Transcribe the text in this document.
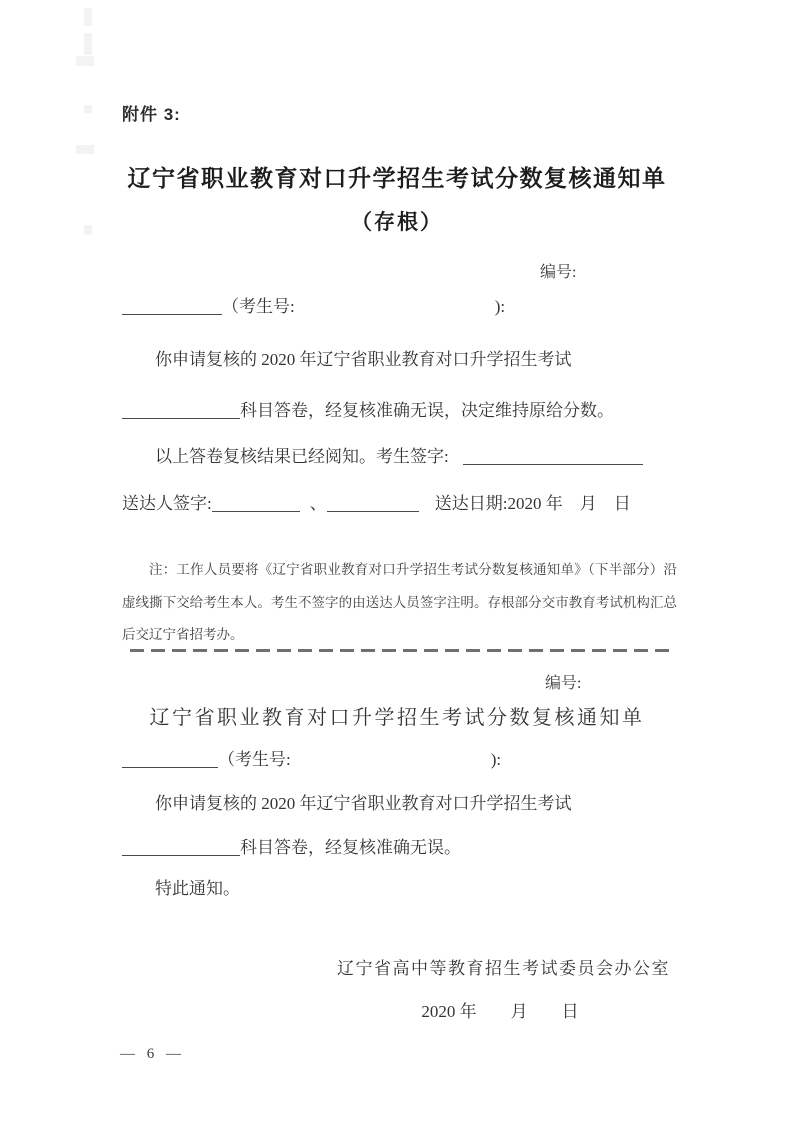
附件 3:
辽宁省职业教育对口升学招生考试分数复核通知单
（存根）
编号:
（考生号:	):
你申请复核的 2020 年辽宁省职业教育对口升学招生考试
科目答卷，经复核准确无误，决定维持原给分数。
以上答卷复核结果已经阅知。考生签字:
送达人签字:	、	送达日期:2020 年　月　日
注：工作人员要将《辽宁省职业教育对口升学招生考试分数复核通知单》（下半部分）沿虚线撕下交给考生本人。考生不签字的由送达人员签字注明。存根部分交市教育考试机构汇总后交辽宁省招考办。
编号:
辽宁省职业教育对口升学招生考试分数复核通知单
（考生号:	):
你申请复核的 2020 年辽宁省职业教育对口升学招生考试
科目答卷，经复核准确无误。
特此通知。
辽宁省高中等教育招生考试委员会办公室
2020 年　　月　　日
— 6 —
